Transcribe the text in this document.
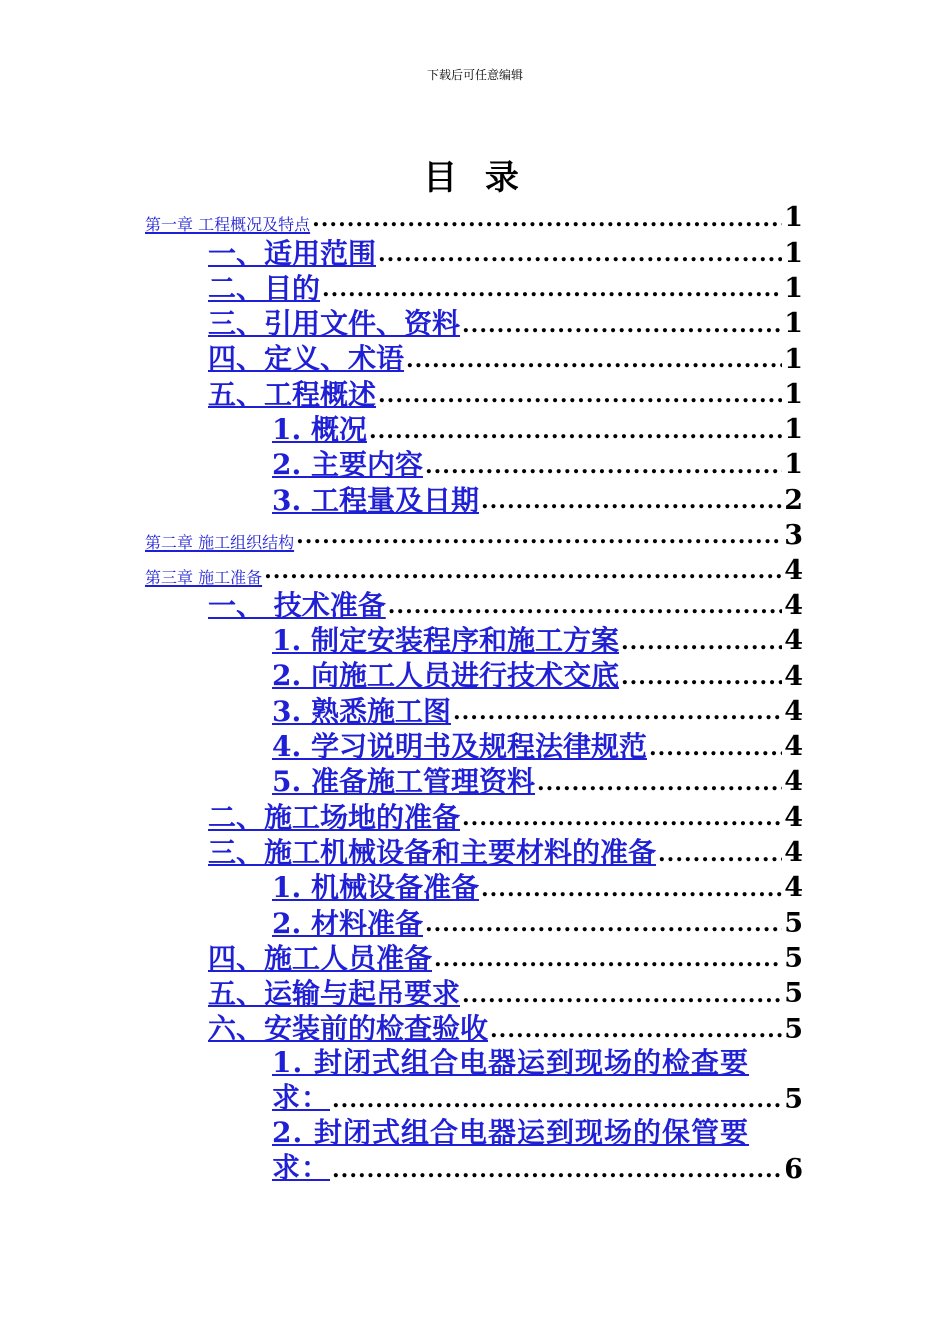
下载后可任意编辑
目 录
第一章 工程概况及特点 .....	1
一、适用范围 .....	1
二、目的 .....	1
三、引用文件、资料 .....	1
四、定义、术语 .....	1
五、工程概述 .....	1
1. 概况 .....	1
2. 主要内容 .....	1
3. 工程量及日期 .....	2
第二章 施工组织结构 .....	3
第三章 施工准备 .....	4
一、 技术准备 .....	4
1. 制定安装程序和施工方案 .....	4
2. 向施工人员进行技术交底 .....	4
3. 熟悉施工图 .....	4
4. 学习说明书及规程法律规范 .....	4
5. 准备施工管理资料 .....	4
二、施工场地的准备 .....	4
三、施工机械设备和主要材料的准备 .....	4
1. 机械设备准备 .....	4
2. 材料准备 .....	5
四、施工人员准备 .....	5
五、运输与起吊要求 .....	5
六、安装前的检查验收 .....	5
1. 封闭式组合电器运到现场的检查要
求： .....	5
2. 封闭式组合电器运到现场的保管要
求： .....	6
